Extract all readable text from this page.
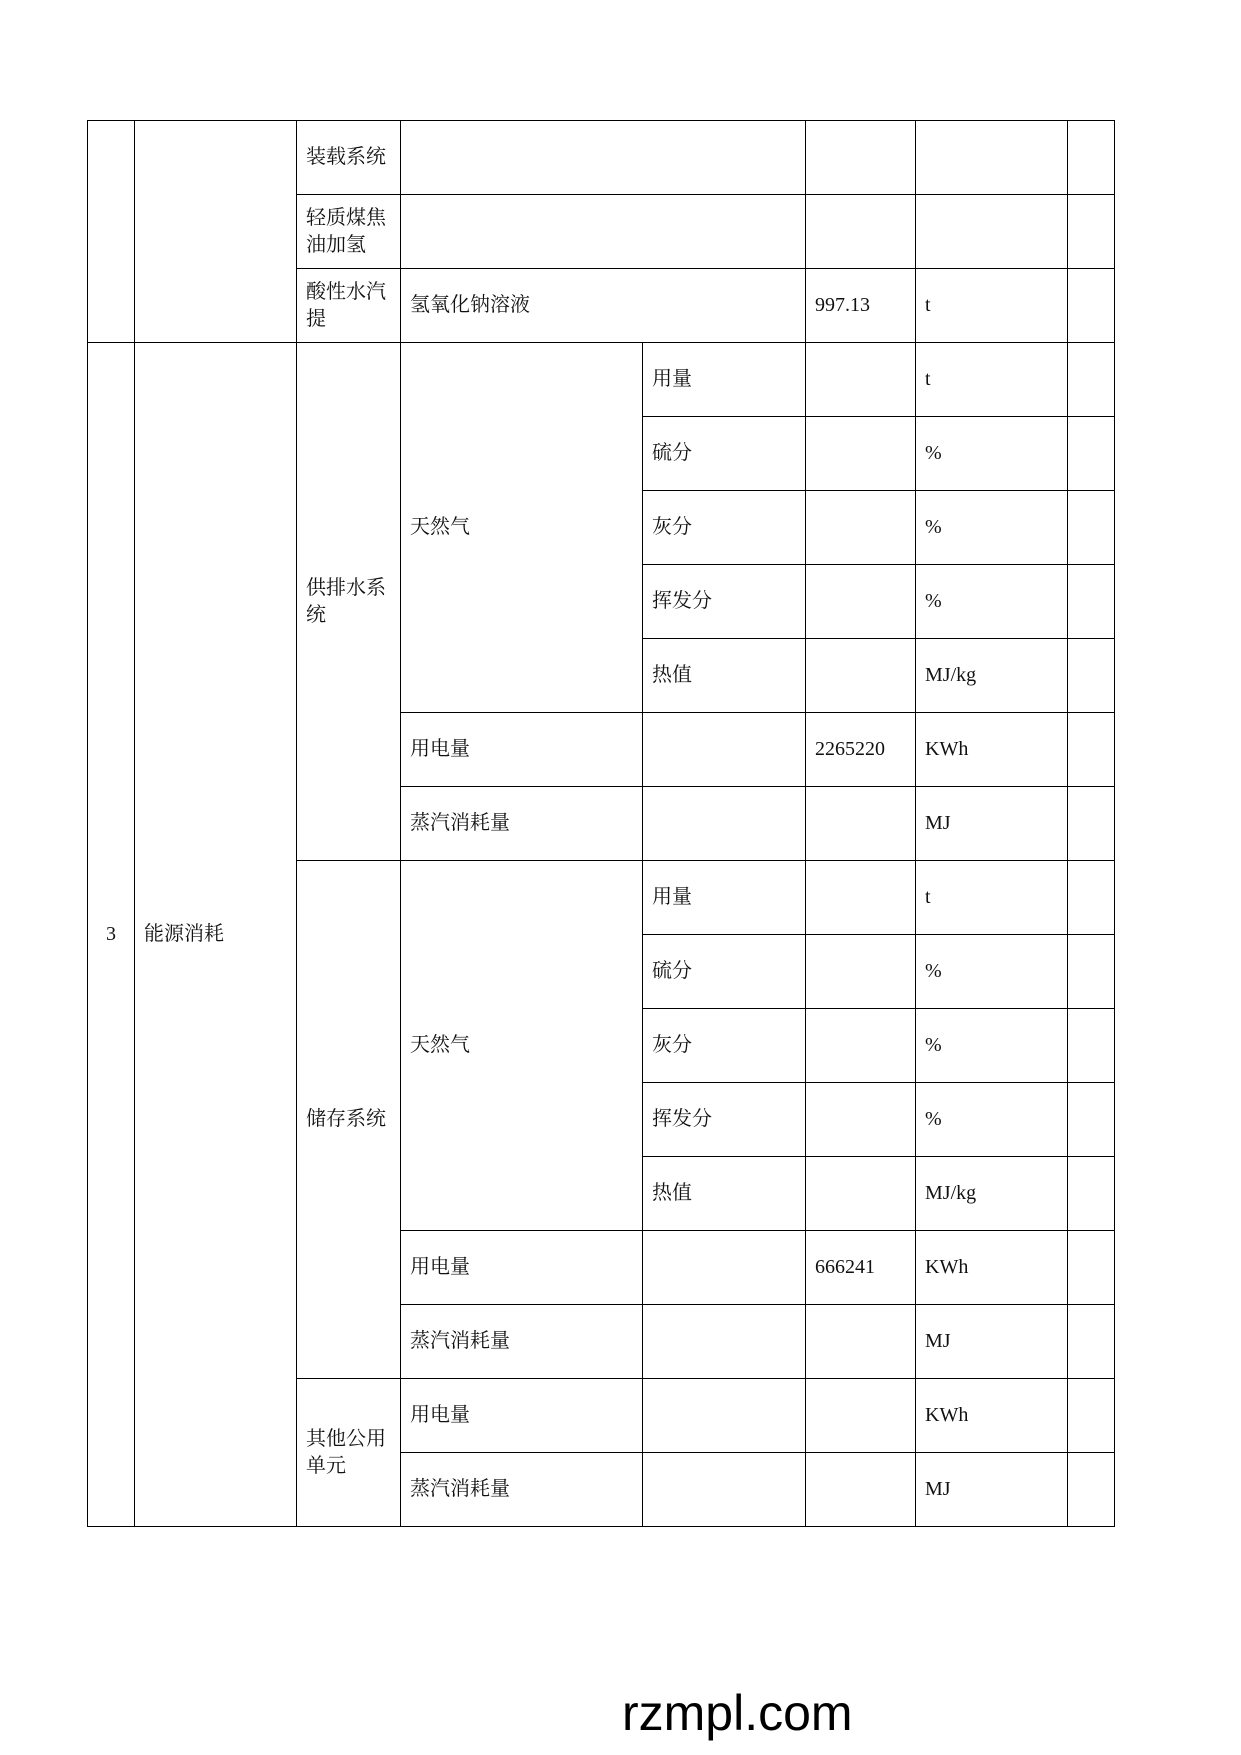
		装载系统					
		轻质煤焦油加氢					
		酸性水汽提	氢氧化钠溶液		997.13	t	
3	能源消耗	供排水系统	天然气	用量		t	
				硫分		%	
				灰分		%	
				挥发分		%	
				热值		MJ/kg	
			用电量		2265220	KWh	
			蒸汽消耗量			MJ	
		储存系统	天然气	用量		t	
				硫分		%	
				灰分		%	
				挥发分		%	
				热值		MJ/kg	
			用电量		666241	KWh	
			蒸汽消耗量			MJ	
		其他公用单元	用电量			KWh	
			蒸汽消耗量			MJ	
rzmpl.com
